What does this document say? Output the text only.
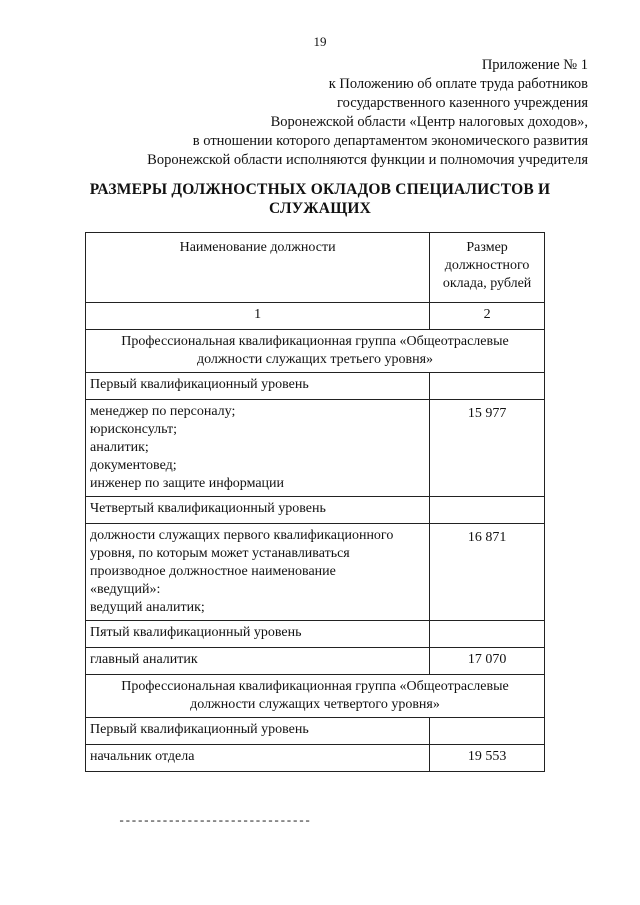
19
Приложение № 1
к Положению об оплате труда работников
государственного казенного учреждения
Воронежской области «Центр налоговых доходов»,
в отношении которого департаментом экономического развития
Воронежской области исполняются функции и полномочия учредителя
РАЗМЕРЫ ДОЛЖНОСТНЫХ ОКЛАДОВ СПЕЦИАЛИСТОВ И
СЛУЖАЩИХ
Наименование должности	Размер
должностного
оклада, рублей

1	2

Профессиональная квалификационная группа «Общеотраслевые
должности служащих третьего уровня»	

Первый квалификационный уровень	

менеджер по персоналу;
юрисконсульт;
аналитик;
документовед;
инженер по защите информации	15 977
Четвертый квалификационный уровень	

должности служащих первого квалификационного
уровня, по которым может устанавливаться
производное должностное наименование
«ведущий»:
ведущий аналитик;	16 871
Пятый квалификационный уровень	
главный аналитик	17 070

Профессиональная квалификационная группа «Общеотраслевые
должности служащих четвертого уровня»	

Первый квалификационный уровень	
начальник отдела	19 553
-------------------------------
